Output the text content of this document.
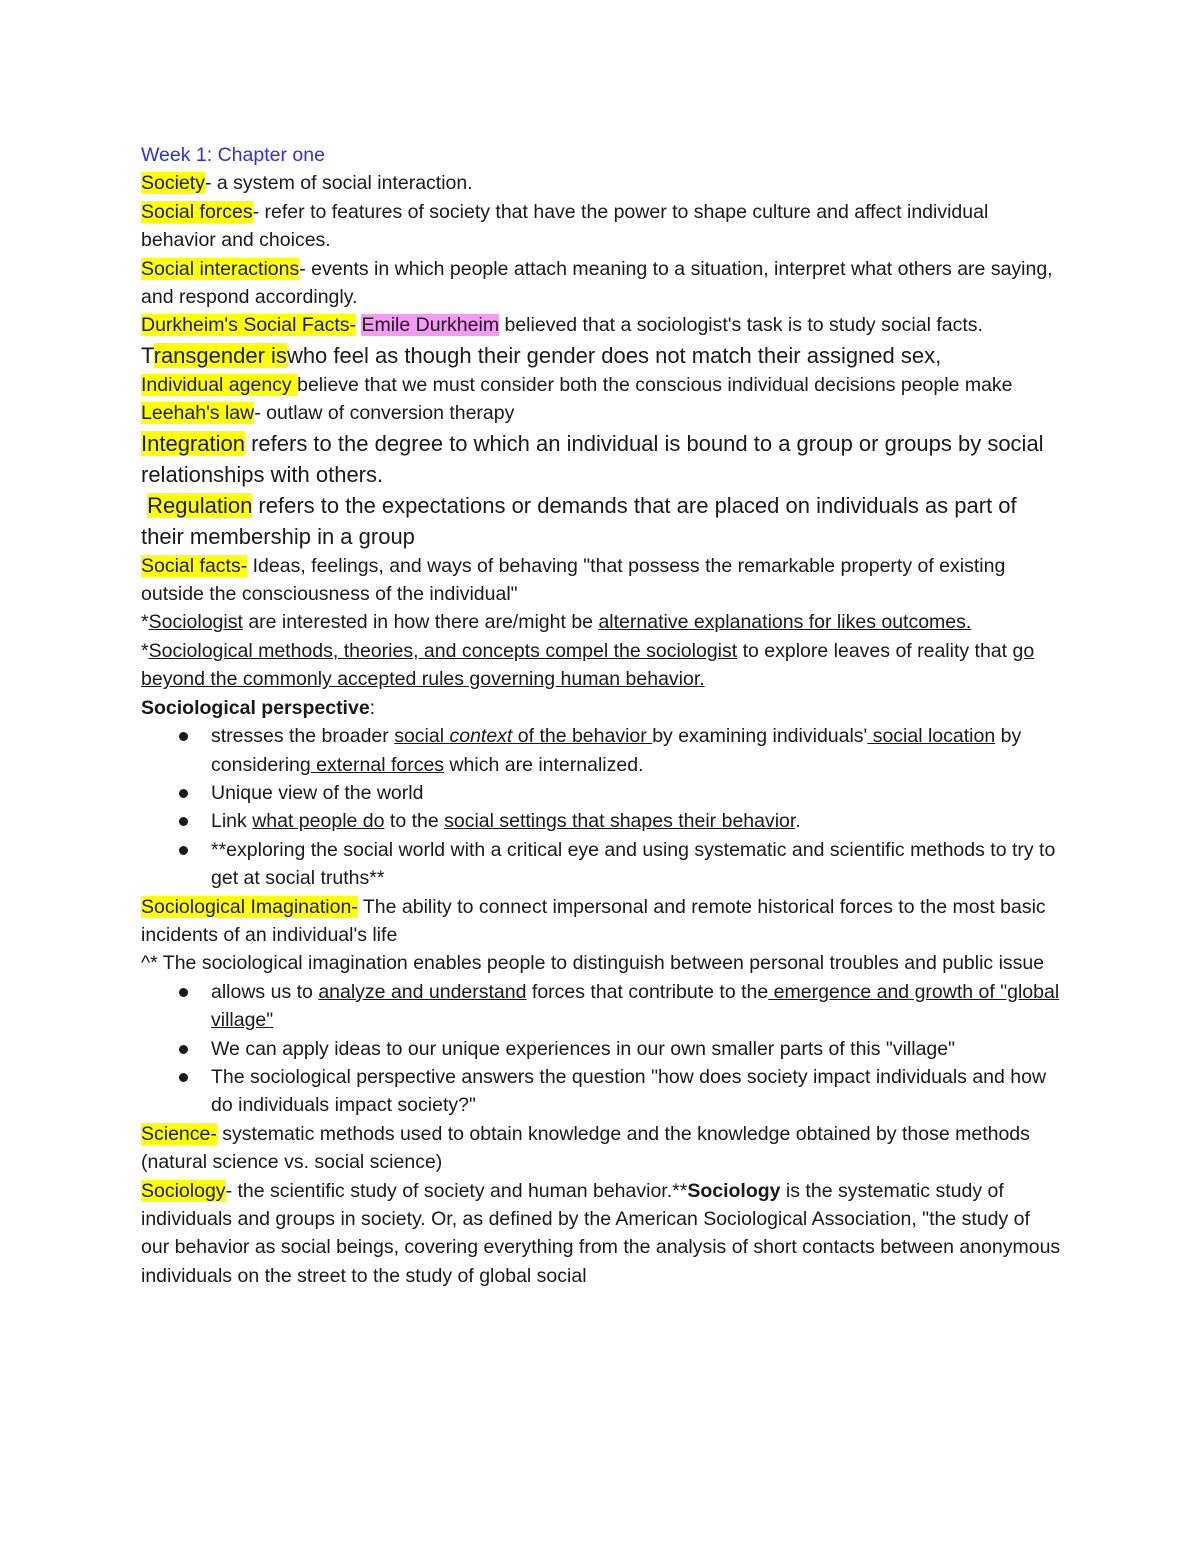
Week 1: Chapter one

Society- a system of social interaction.

Social forces- refer to features of society that have the power to shape culture and affect individual behavior and choices.

Social interactions- events in which people attach meaning to a situation, interpret what others are saying, and respond accordingly.

Durkheim's Social Facts- Emile Durkheim believed that a sociologist's task is to study social facts.

Transgender iswho feel as though their gender does not match their assigned sex,

Individual agency believe that we must consider both the conscious individual decisions people make

Leehah's law- outlaw of conversion therapy

Integration refers to the degree to which an individual is bound to a group or groups by social relationships with others.

Regulation refers to the expectations or demands that are placed on individuals as part of their membership in a group

Social facts- Ideas, feelings, and ways of behaving "that possess the remarkable property of existing outside the consciousness of the individual"

*Sociologist are interested in how there are/might be alternative explanations for likes outcomes.

*Sociological methods, theories, and concepts compel the sociologist to explore leaves of reality that go beyond the commonly accepted rules governing human behavior.

Sociological perspective:

stresses the broader social context of the behavior by examining individuals' social location by considering external forces which are internalized.
Unique view of the world
Link what people do to the social settings that shapes their behavior.
**exploring the social world with a critical eye and using systematic and scientific methods to try to get at social truths**

Sociological Imagination- The ability to connect impersonal and remote historical forces to the most basic incidents of an individual's life

^* The sociological imagination enables people to distinguish between personal troubles and public issue

allows us to analyze and understand forces that contribute to the emergence and growth of "global village"
We can apply ideas to our unique experiences in our own smaller parts of this "village"
The sociological perspective answers the question "how does society impact individuals and how do individuals impact society?"

Science- systematic methods used to obtain knowledge and the knowledge obtained by those methods (natural science vs. social science)

Sociology- the scientific study of society and human behavior.**Sociology is the systematic study of individuals and groups in society. Or, as defined by the American Sociological Association, "the study of our behavior as social beings, covering everything from the analysis of short contacts between anonymous individuals on the street to the study of global social
